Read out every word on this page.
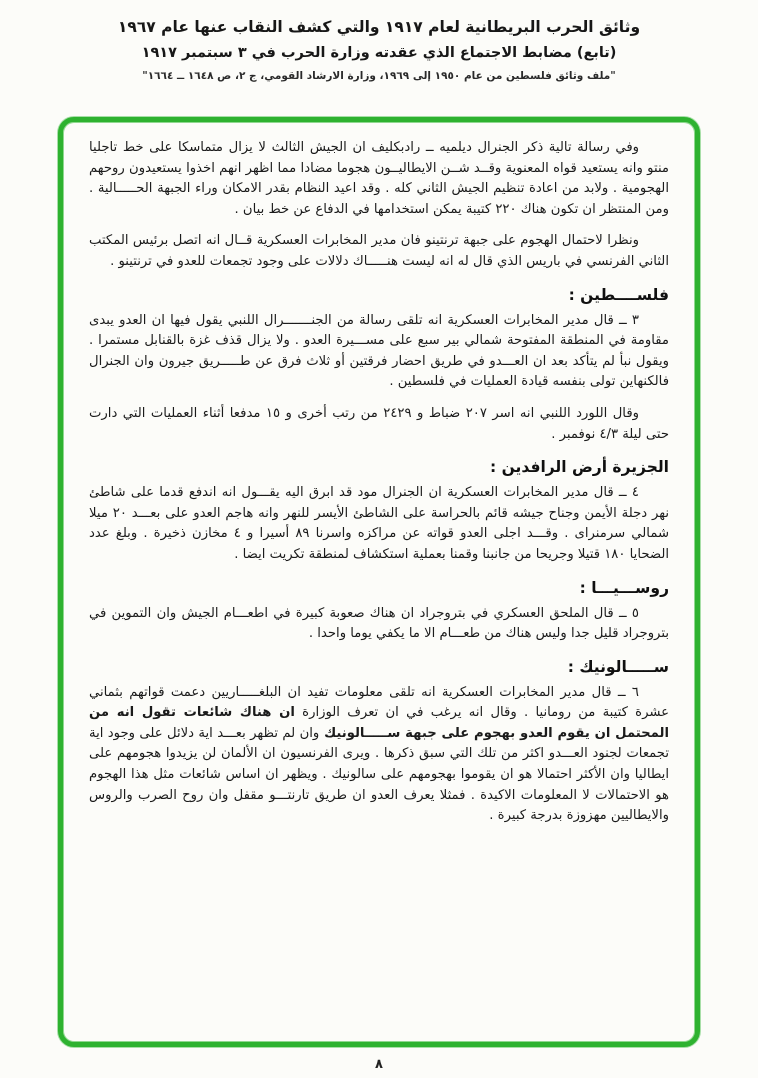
وثائق الحرب البريطانية لعام ١٩١٧ والتي كشف النقاب عنها عام ١٩٦٧
(تابع) مضابط الاجتماع الذي عقدته وزارة الحرب في ٣ سبتمبر ١٩١٧
"ملف وثائق فلسطين من عام ١٩٥٠ إلى ١٩٦٩، وزارة الارشاد القومي، ج ٢، ص ١٦٤٨ ــ ١٦٦٤"

وفي رسالة تالية ذكر الجنرال ديلميه ــ رادبكليف ان الجيش الثالث لا يزال متماسكا على خط تاجليا منتو وانه يستعيد قواه المعنوية وقــد شــن الايطاليــون هجوما مضادا مما اظهر انهم اخذوا يستعيدون روحهم الهجومية . ولابد من اعادة تنظيم الجيش الثاني كله . وقد اعيد النظام بقدر الامكان وراء الجبهة الحـــــالية . ومن المنتظر ان تكون هناك ٢٢٠ كتيبة يمكن استخدامها في الدفاع عن خط بيان .

ونظرا لاحتمال الهجوم على جبهة ترنتينو فان مدير المخابرات العسكرية قــال انه اتصل برئيس المكتب الثاني الفرنسي في باريس الذي قال له انه ليست هنـــــاك دلالات على وجود تجمعات للعدو في ترنتينو .

فلســــطين :

٣ ــ قال مدير المخابرات العسكرية انه تلقى رسالة من الجنـــــــرال اللنبي يقول فيها ان العدو يبدى مقاومة في المنطقة المفتوحة شمالي بير سبع على مســـيرة العدو . ولا يزال قذف غزة بالقنابل مستمرا . ويقول نبأ لم يتأكد بعد ان العـــدو في طريق احضار فرقتين أو ثلاث فرق عن طـــــريق جيرون وان الجنرال فالكنهاين تولى بنفسه قيادة العمليات في فلسطين .

وقال اللورد اللنبي انه اسر ٢٠٧ ضباط و ٢٤٢٩ من رتب أخرى و ١٥ مدفعا أثناء العمليات التي دارت حتى ليلة ٤/٣ نوفمبر .

الجزيرة أرض الرافدين :

٤ ــ قال مدير المخابرات العسكرية ان الجنرال مود قد ابرق اليه يقـــول انه اندفع قدما على شاطئ نهر دجلة الأيمن وجناح جيشه قائم بالحراسة على الشاطئ الأيسر للنهر وانه هاجم العدو على بعـــد ٢٠ ميلا شمالي سرمنراى . وقـــد اجلى العدو قواته عن مراكزه واسرنا ٨٩ أسيرا و ٤ مخازن ذخيرة . وبلغ عدد الضحايا ١٨٠ قتيلا وجريحا من جانبنا وقمنا بعملية استكشاف لمنطقة تكريت ايضا .

روســـيـــا :

٥ ــ قال الملحق العسكري في بتروجراد ان هناك صعوبة كبيرة في اطعـــام الجيش وان التموين في بتروجراد قليل جدا وليس هناك من طعـــام الا ما يكفي يوما واحدا .

ســـــالونيك :

٦ ــ قال مدير المخابرات العسكرية انه تلقى معلومات تفيد ان البلغـــــاريين دعمت قواتهم بثماني عشرة كتيبة من رومانيا . وقال انه يرغب في ان تعرف الوزارة ان هناك شائعات تقول انه من المحتمل ان يقوم العدو بهجوم على جبهة ســـــالونيك وان لم تظهر بعـــد اية دلائل على وجود اية تجمعات لجنود العـــدو اكثر من تلك التي سبق ذكرها . ويرى الفرنسيون ان الألمان لن يزيدوا هجومهم على ايطاليا وان الأكثر احتمالا هو ان يقوموا بهجومهم على سالونيك . ويظهر ان اساس شائعات مثل هذا الهجوم هو الاحتمالات لا المعلومات الاكيدة . فمثلا يعرف العدو ان طريق تارنتـــو مقفل وان روح الصرب والروس والايطاليين مهزوزة بدرجة كبيرة .

٨
